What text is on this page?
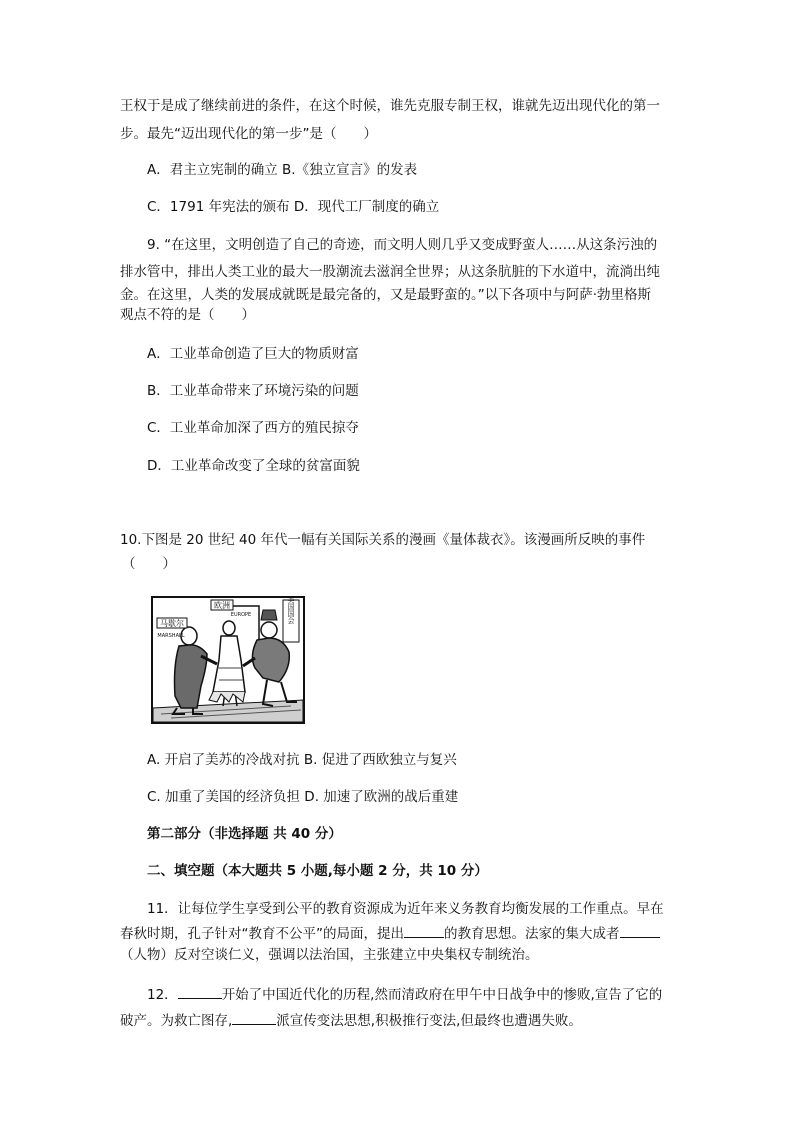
王权于是成了继续前进的条件，在这个时候，谁先克服专制王权，谁就先迈出现代化的第一
步。最先“迈出现代化的第一步”是（　　）
A．君主立宪制的确立 B.《独立宣言》的发表
C．1791 年宪法的颁布 D．现代工厂制度的确立
9. “在这里，文明创造了自己的奇迹，而文明人则几乎又变成野蛮人……从这条污浊的
排水管中，排出人类工业的最大一股潮流去滋润全世界；从这条肮脏的下水道中，流淌出纯
金。在这里，人类的发展成就既是最完备的，又是最野蛮的。”以下各项中与阿萨·勃里格斯
观点不符的是（　　）
A．工业革命创造了巨大的物质财富
B．工业革命带来了环境污染的问题
C．工业革命加深了西方的殖民掠夺
D．工业革命改变了全球的贫富面貌
10.下图是 20 世纪 40 年代一幅有关国际关系的漫画《量体裁衣》。该漫画所反映的事件
（　　）
马歇尔
MARSHALL
欧洲
EUROPE	美国国会
A. 开启了美苏的冷战对抗 B. 促进了西欧独立与复兴
C. 加重了美国的经济负担 D. 加速了欧洲的战后重建
第二部分（非选择题 共 40 分）
二、填空题（本大题共 5 小题,每小题 2 分，共 10 分）
11．让每位学生享受到公平的教育资源成为近年来义务教育均衡发展的工作重点。早在
春秋时期，孔子针对“教育不公平”的局面，提出	的教育思想。法家的集大成者
（人物）反对空谈仁义，强调以法治国，主张建立中央集权专制统治。
12．	开始了中国近代化的历程,然而清政府在甲午中日战争中的惨败,宣告了它的
破产。为救亡图存,	派宣传变法思想,积极推行变法,但最终也遭遇失败。
